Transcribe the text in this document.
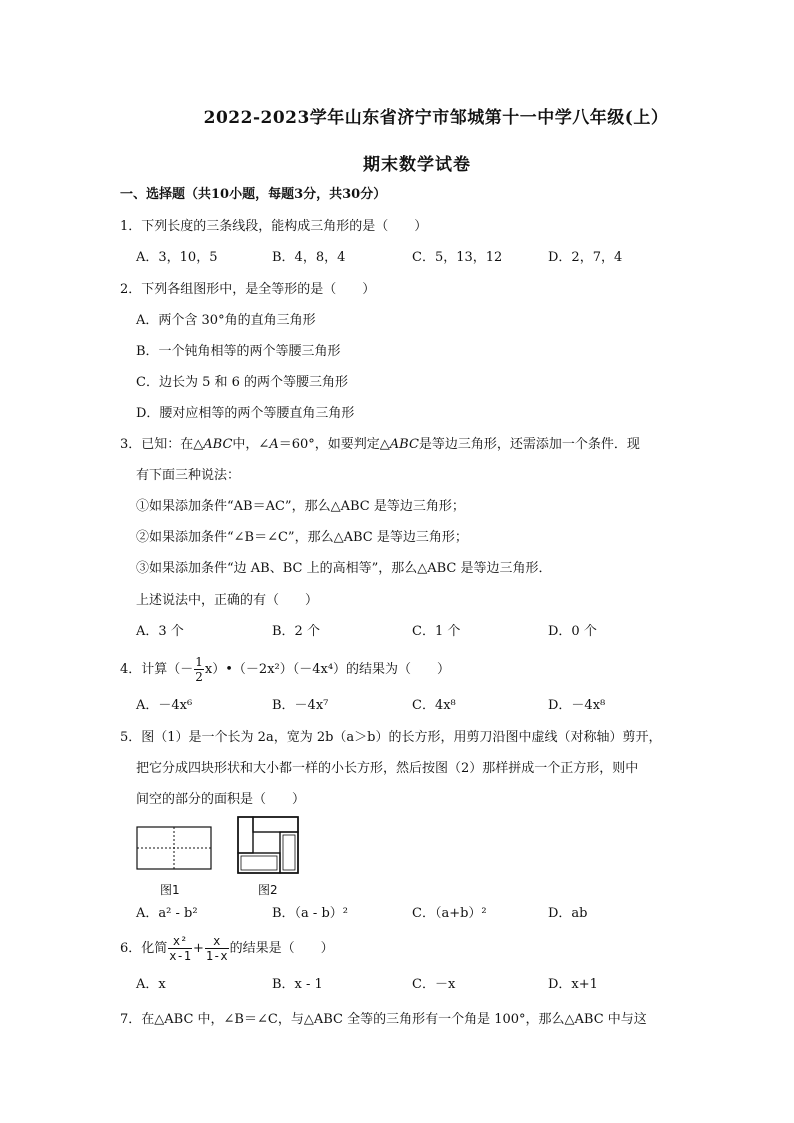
2022-2023学年山东省济宁市邹城第十一中学八年级(上）
期末数学试卷
一、选择题（共10小题，每题3分，共30分）
1．下列长度的三条线段，能构成三角形的是（　　）
A．3，10，5	B．4，8，4	C．5，13，12	D．2，7，4
2．下列各组图形中，是全等形的是（　　）
A．两个含 30°角的直角三角形
B．一个钝角相等的两个等腰三角形
C．边长为 5 和 6 的两个等腰三角形
D．腰对应相等的两个等腰直角三角形
3．已知：在△ABC中，∠A＝60°，如要判定△ABC是等边三角形，还需添加一个条件．现
有下面三种说法：
①如果添加条件“AB＝AC”，那么△ABC 是等边三角形；
②如果添加条件“∠B＝∠C”，那么△ABC 是等边三角形；
③如果添加条件“边 AB、BC 上的高相等”，那么△ABC 是等边三角形．
上述说法中，正确的有（　　）
A．3 个	B．2 个	C．1 个	D．0 个
4．计算（－ $\frac{1}{2}$ x）•（－2x²）（－4x⁴）的结果为（　　）
A．－4x⁶	B．－4x⁷	C．4x⁸	D．－4x⁸
5．图（1）是一个长为 2a，宽为 2b（a＞b）的长方形，用剪刀沿图中虚线（对称轴）剪开，
把它分成四块形状和大小都一样的小长方形，然后按图（2）那样拼成一个正方形，则中
间空的部分的面积是（　　）
图1	图2
A．a² - b²	B．（a - b）²	C．（a+b）²	D．ab
6．化简 $\frac{\text{x²}}{x-1} + \frac{x}{1-x}$ 的结果是（　　）
A．x	B．x - 1	C．－x	D．x+1
7．在△ABC 中，∠B＝∠C，与△ABC 全等的三角形有一个角是 100°，那么△ABC 中与这
